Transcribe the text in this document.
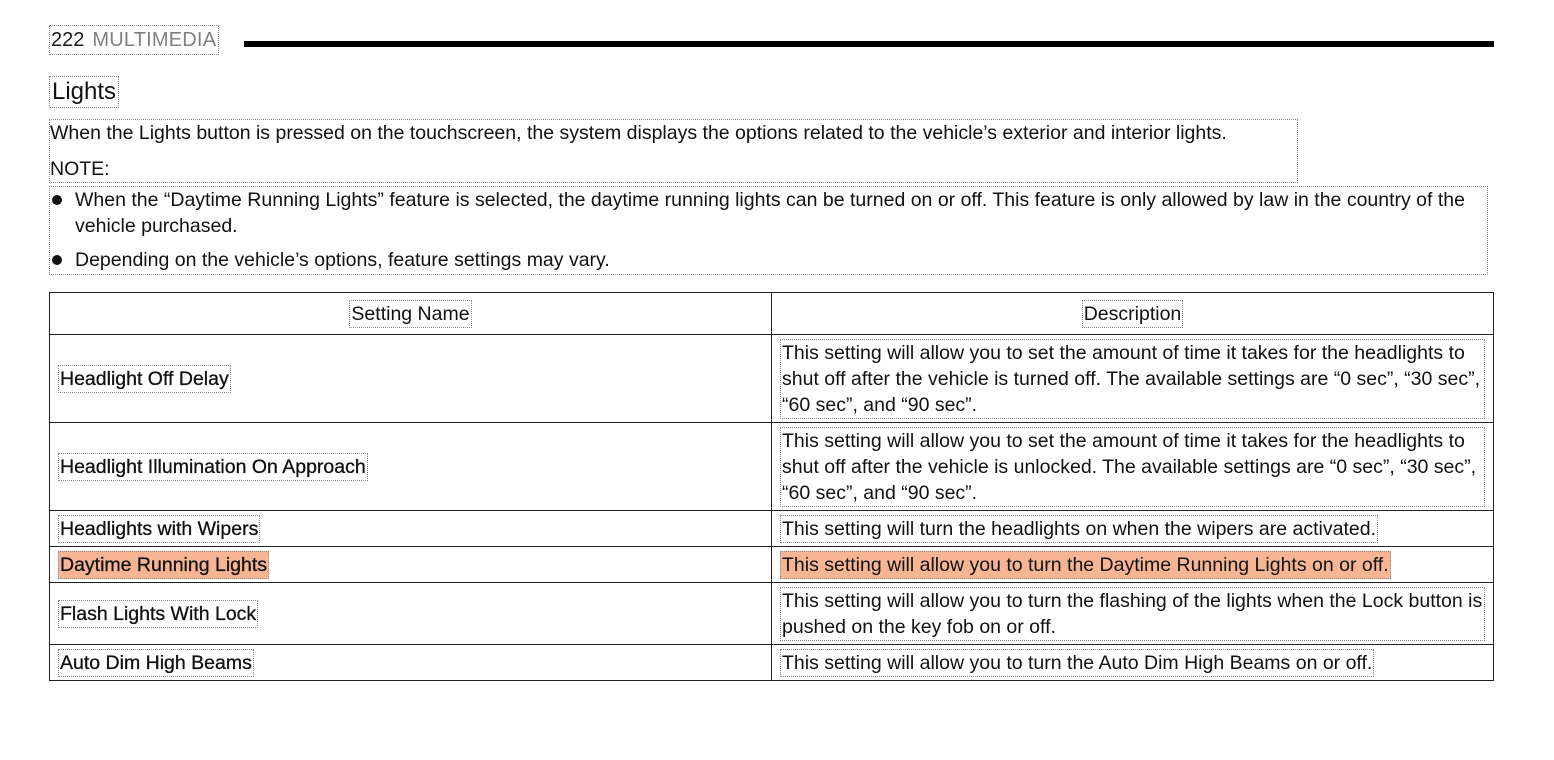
222 MULTIMEDIA
Lights
When the Lights button is pressed on the touchscreen, the system displays the options related to the vehicle’s exterior and interior lights.
NOTE:
When the “Daytime Running Lights” feature is selected, the daytime running lights can be turned on or off. This feature is only allowed by law in the country of the vehicle purchased.
Depending on the vehicle’s options, feature settings may vary.
Setting Name	Description
Headlight Off Delay	This setting will allow you to set the amount of time it takes for the headlights to shut off after the vehicle is turned off. The available settings are “0 sec”, “30 sec”, “60 sec”, and “90 sec”.
Headlight Illumination On Approach	This setting will allow you to set the amount of time it takes for the headlights to shut off after the vehicle is unlocked. The available settings are “0 sec”, “30 sec”, “60 sec”, and “90 sec”.
Headlights with Wipers	This setting will turn the headlights on when the wipers are activated.
Daytime Running Lights	This setting will allow you to turn the Daytime Running Lights on or off.
Flash Lights With Lock	This setting will allow you to turn the flashing of the lights when the Lock button is pushed on the key fob on or off.
Auto Dim High Beams	This setting will allow you to turn the Auto Dim High Beams on or off.
